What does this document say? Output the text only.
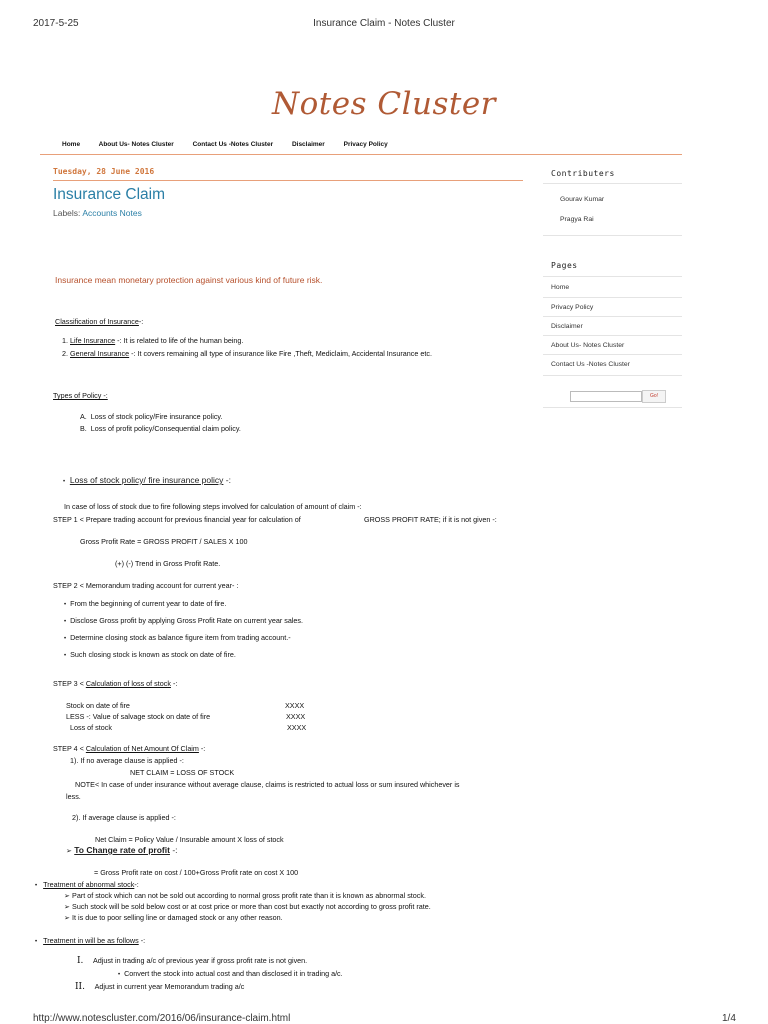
2017-5-25	Insurance Claim - Notes Cluster
Notes Cluster
Home	About Us- Notes Cluster	Contact Us -Notes Cluster	Disclaimer	Privacy Policy
Tuesday, 28 June 2016
Insurance Claim
Labels: Accounts Notes
Insurance mean monetary protection against various kind of future risk.
Classification of Insurance-:
1. Life Insurance -: It is related to life of the human being.
2. General Insurance -: It covers remaining all type of insurance like Fire ,Theft, Mediclaim, Accidental Insurance etc.
Types of Policy -:
A. Loss of stock policy/Fire insurance policy.
B. Loss of profit policy/Consequential claim policy.
• Loss of stock policy/ fire insurance policy -:
In case of loss of stock due to fire following steps involved for calculation of amount of claim -:
STEP 1 < Prepare trading account for previous financial year for calculation of	GROSS PROFIT RATE; if it is not given -:
Gross Profit Rate = GROSS PROFIT / SALES X 100
(+) (-) Trend in Gross Profit Rate.
STEP 2 < Memorandum trading account for current year- :
• From the beginning of current year to date of fire.
• Disclose Gross profit by applying Gross Profit Rate on current year sales.
• Determine closing stock as balance figure item from trading account.-
• Such closing stock is known as stock on date of fire.
STEP 3 < Calculation of loss of stock -:
Stock on date of fire	XXXX
LESS -: Value of salvage stock on date of fire	XXXX
Loss of stock	XXXX
STEP 4 < Calculation of Net Amount Of Claim -:
1). If no average clause is applied -:
NET CLAIM = LOSS OF STOCK
NOTE< In case of under insurance without average clause, claims is restricted to actual loss or sum insured whichever is
less.
2). If average clause is applied -:
Net Claim = Policy Value / Insurable amount X loss of stock
➢ To Change rate of profit -:
= Gross Profit rate on cost / 100+Gross Profit rate on cost X 100
• Treatment of abnormal stock-:
➢ Part of stock which can not be sold out according to normal gross profit rate than it is known as abnormal stock.
➢ Such stock will be sold below cost or at cost price or more than cost but exactly not according to gross profit rate.
➢ It is due to poor selling line or damaged stock or any other reason.
• Treatment in will be as follows -:
I. Adjust in trading a/c of previous year if gross profit rate is not given.
• Convert the stock into actual cost and than disclosed it in trading a/c.
II. Adjust in current year Memorandum trading a/c
Contributers
Gourav Kumar
Pragya Rai
Pages
Home
Privacy Policy
Disclaimer
About Us- Notes Cluster
Contact Us -Notes Cluster
Go!
http://www.notescluster.com/2016/06/insurance-claim.html	1/4
